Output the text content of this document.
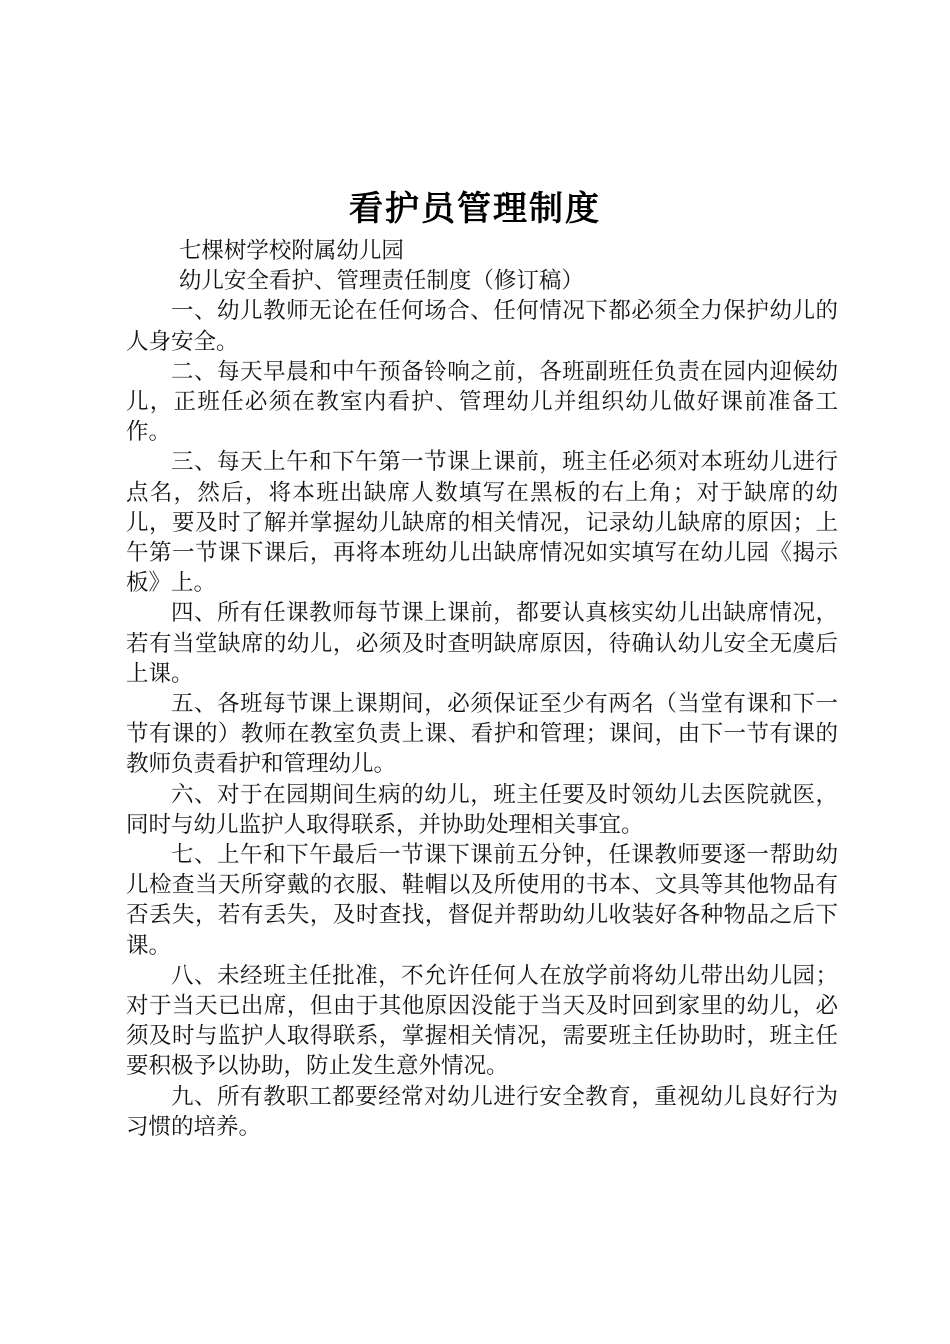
看护员管理制度

七棵树学校附属幼儿园

幼儿安全看护、管理责任制度（修订稿）

一、幼儿教师无论在任何场合、任何情况下都必须全力保护幼儿的人身安全。

二、每天早晨和中午预备铃响之前，各班副班任负责在园内迎候幼儿，正班任必须在教室内看护、管理幼儿并组织幼儿做好课前准备工作。

三、每天上午和下午第一节课上课前，班主任必须对本班幼儿进行点名，然后，将本班出缺席人数填写在黑板的右上角；对于缺席的幼儿，要及时了解并掌握幼儿缺席的相关情况，记录幼儿缺席的原因；上午第一节课下课后，再将本班幼儿出缺席情况如实填写在幼儿园《揭示板》上。

四、所有任课教师每节课上课前，都要认真核实幼儿出缺席情况，若有当堂缺席的幼儿，必须及时查明缺席原因，待确认幼儿安全无虞后上课。

五、各班每节课上课期间，必须保证至少有两名（当堂有课和下一节有课的）教师在教室负责上课、看护和管理；课间，由下一节有课的教师负责看护和管理幼儿。

六、对于在园期间生病的幼儿，班主任要及时领幼儿去医院就医，同时与幼儿监护人取得联系，并协助处理相关事宜。

七、上午和下午最后一节课下课前五分钟，任课教师要逐一帮助幼儿检查当天所穿戴的衣服、鞋帽以及所使用的书本、文具等其他物品有否丢失，若有丢失，及时查找，督促并帮助幼儿收装好各种物品之后下课。

八、未经班主任批准，不允许任何人在放学前将幼儿带出幼儿园；对于当天已出席，但由于其他原因没能于当天及时回到家里的幼儿，必须及时与监护人取得联系，掌握相关情况，需要班主任协助时，班主任要积极予以协助，防止发生意外情况。

九、所有教职工都要经常对幼儿进行安全教育，重视幼儿良好行为习惯的培养。
